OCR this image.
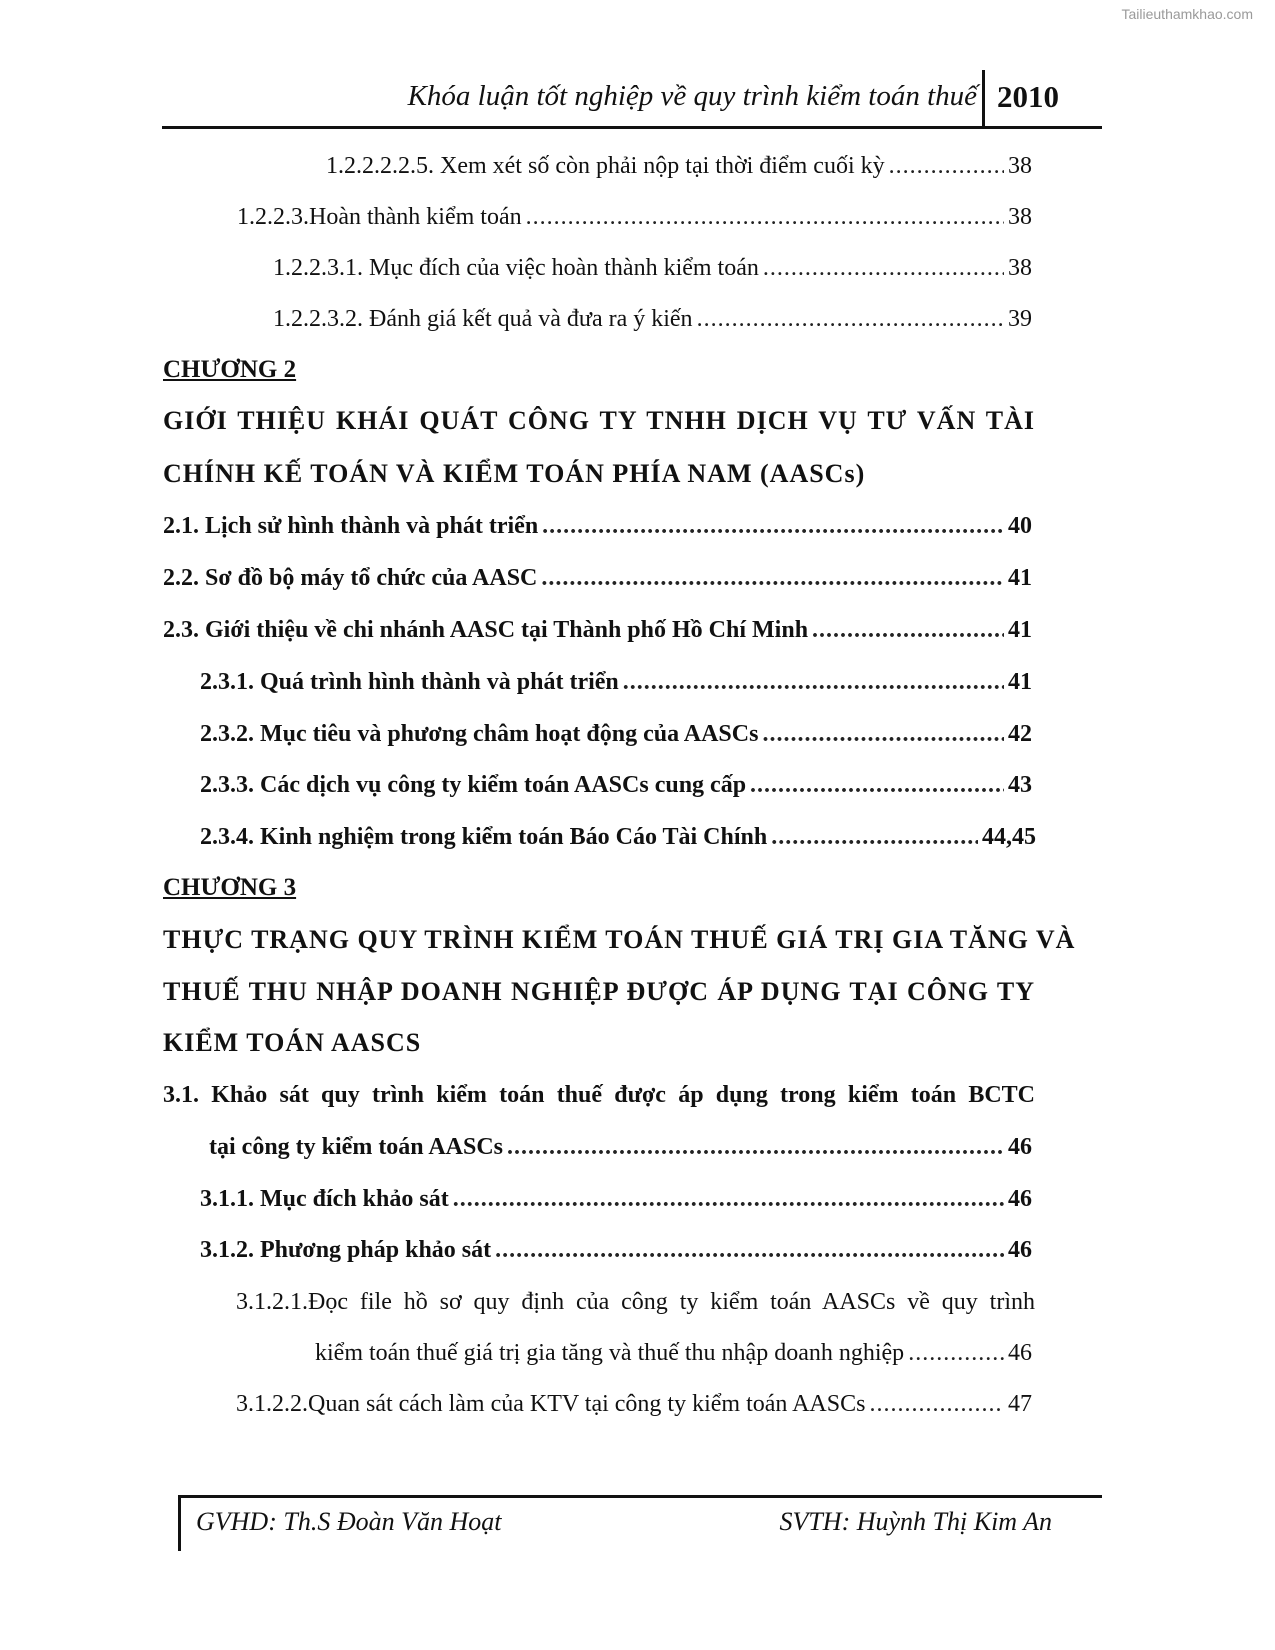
Tailieuthamkhao.com
Khóa luận tốt nghiệp về quy trình kiểm toán thuế 2010
1.2.2.2.2.5. Xem xét số còn phải nộp tại thời điểm cuối kỳ .....	38
1.2.2.3.Hoàn thành kiểm toán .....	38
1.2.2.3.1. Mục đích của việc hoàn thành kiểm toán .....	38
1.2.2.3.2. Đánh giá kết quả và đưa ra ý kiến .....	39
CHƯƠNG 2
GIỚI THIỆU KHÁI QUÁT CÔNG TY TNHH DỊCH VỤ TƯ VẤN TÀI
CHÍNH KẾ TOÁN VÀ KIỂM TOÁN PHÍA NAM (AASCs)
2.1. Lịch sử hình thành và phát triển .....	40
2.2. Sơ đồ bộ máy tổ chức của AASC .....	41
2.3. Giới thiệu về chi nhánh AASC tại Thành phố Hồ Chí Minh .....	41
2.3.1. Quá trình hình thành và phát triển .....	41
2.3.2. Mục tiêu và phương châm hoạt động của AASCs .....	42
2.3.3. Các dịch vụ công ty kiểm toán AASCs cung cấp .....	43
2.3.4. Kinh nghiệm trong kiểm toán Báo Cáo Tài Chính .....	44,45
CHƯƠNG 3
THỰC TRẠNG QUY TRÌNH KIỂM TOÁN THUẾ GIÁ TRỊ GIA TĂNG VÀ
THUẾ THU NHẬP DOANH NGHIỆP ĐƯỢC ÁP DỤNG TẠI CÔNG TY
KIỂM TOÁN AASCS
3.1. Khảo sát quy trình kiểm toán thuế được áp dụng trong kiểm toán BCTC
tại công ty kiểm toán AASCs .....	46
3.1.1. Mục đích khảo sát .....	46
3.1.2. Phương pháp khảo sát .....	46
3.1.2.1.Đọc file hồ sơ quy định của công ty kiểm toán AASCs về quy trình
kiểm toán thuế giá trị gia tăng và thuế thu nhập doanh nghiệp .....	46
3.1.2.2.Quan sát cách làm của KTV tại công ty kiểm toán AASCs .....	47
GVHD: Th.S Đoàn Văn Hoạt	SVTH: Huỳnh Thị Kim An
